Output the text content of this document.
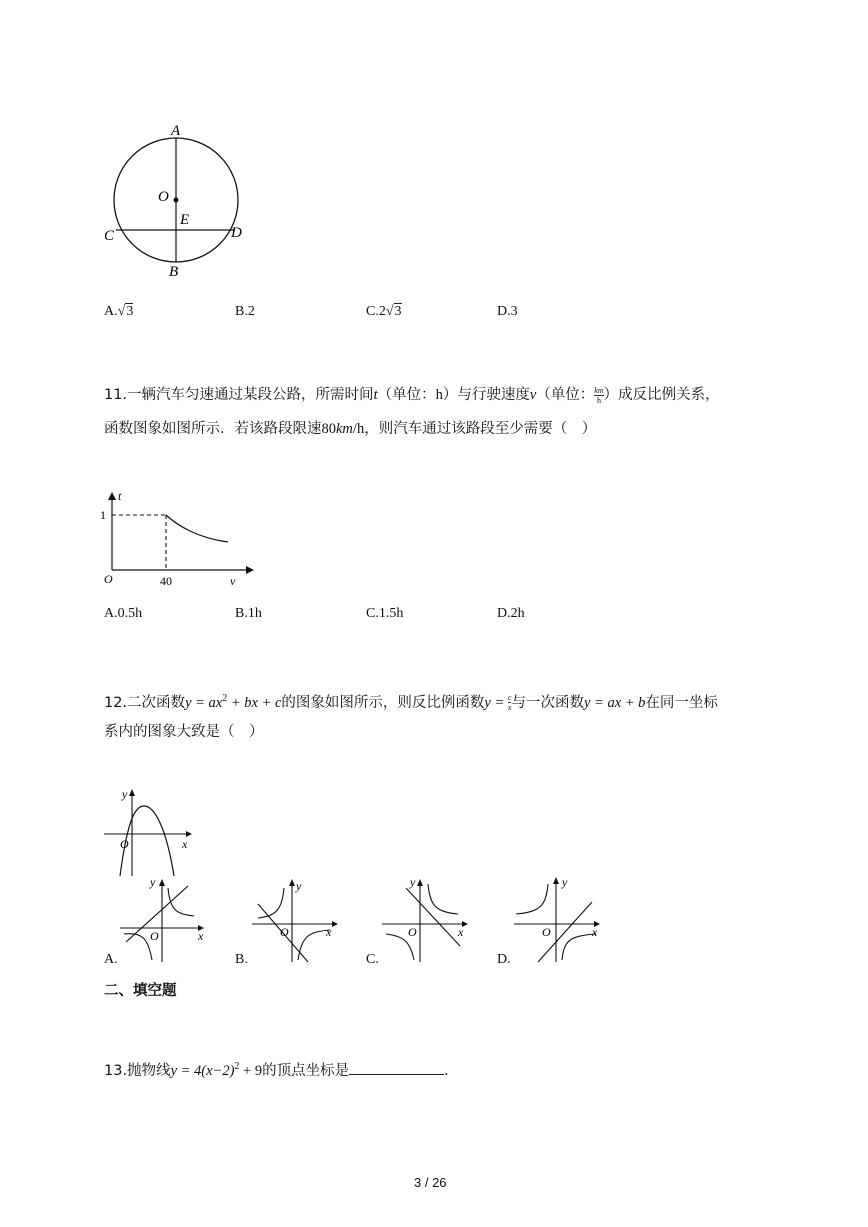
A
O
E
C	D
B
A.√3	B.2	C.2√3	D.3
11.一辆汽车匀速通过某段公路，所需时间t（单位：h）与行驶速度v（单位： $\frac{km}{h}$ ）成反比例关系，
函数图象如图所示．若该路段限速80km/h，则汽车通过该路段至少需要（　）
t
1
O	40	v
A.0.5h	B.1h	C.1.5h	D.2h
12.二次函数$y = ax^2$ + bx + c的图象如图所示，则反比例函数$y = \frac{c}{x}$ 与一次函数y = ax + b在同一坐标
系内的图象大致是（　）
y
O	x
y
O	x
A.
y
O	x
B.
y
O	x
C.
y
O	x
D.
二、填空题
13.抛物线$y = 4(x-2)^2 + 9$的顶点坐标是	．
3 / 26
